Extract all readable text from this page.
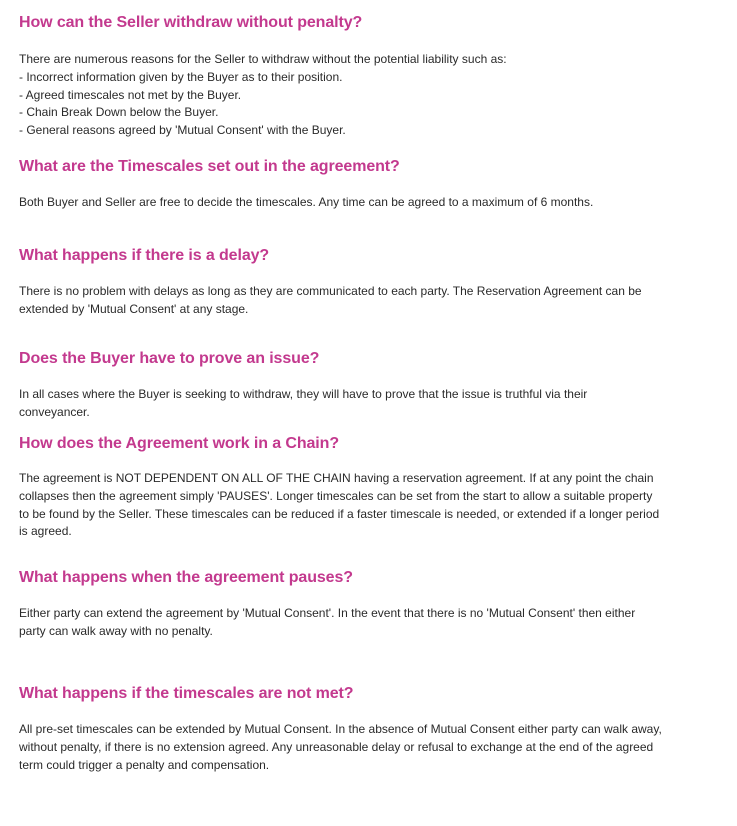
How can the Seller withdraw without penalty?

There are numerous reasons for the Seller to withdraw without the potential liability such as:
- Incorrect information given by the Buyer as to their position.
- Agreed timescales not met by the Buyer.
- Chain Break Down below the Buyer.
- General reasons agreed by 'Mutual Consent' with the Buyer.

What are the Timescales set out in the agreement?

Both Buyer and Seller are free to decide the timescales. Any time can be agreed to a maximum of 6 months.

What happens if there is a delay?

There is no problem with delays as long as they are communicated to each party. The Reservation Agreement can be
extended by 'Mutual Consent' at any stage.

Does the Buyer have to prove an issue?

In all cases where the Buyer is seeking to withdraw, they will have to prove that the issue is truthful via their
conveyancer.

How does the Agreement work in a Chain?

The agreement is NOT DEPENDENT ON ALL OF THE CHAIN having a reservation agreement. If at any point the chain
collapses then the agreement simply 'PAUSES'. Longer timescales can be set from the start to allow a suitable property
to be found by the Seller. These timescales can be reduced if a faster timescale is needed, or extended if a longer period
is agreed.

What happens when the agreement pauses?

Either party can extend the agreement by 'Mutual Consent'. In the event that there is no 'Mutual Consent' then either
party can walk away with no penalty.

What happens if the timescales are not met?

All pre-set timescales can be extended by Mutual Consent. In the absence of Mutual Consent either party can walk away,
without penalty, if there is no extension agreed. Any unreasonable delay or refusal to exchange at the end of the agreed
term could trigger a penalty and compensation.
